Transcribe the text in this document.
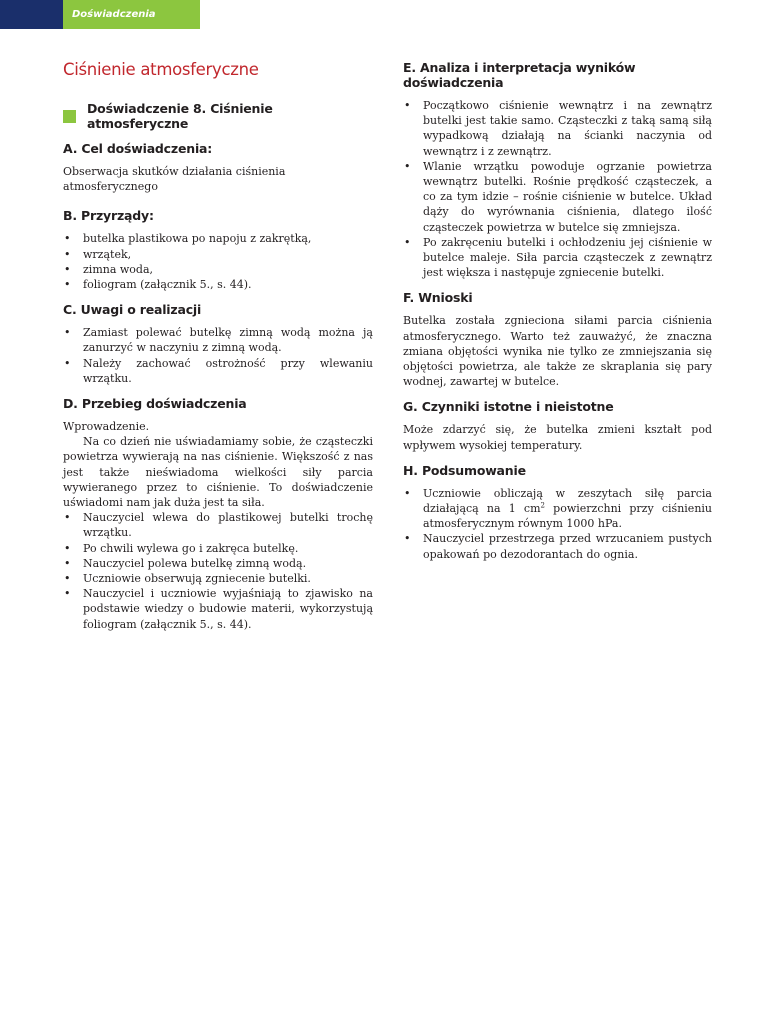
Doświadczenia
Ciśnienie atmosferyczne
Doświadczenie 8. Ciśnienie atmosferyczne
A. Cel doświadczenia:

Obserwacja skutków działania ciśnienia atmosferycznego

B. Przyrządy:
• butelka plastikowa po napoju z zakrętką,
• wrzątek,
• zimna woda,
• foliogram (załącznik 5., s. 44).
C. Uwagi o realizacji
• Zamiast polewać butelkę zimną wodą można ją zanurzyć w naczyniu z zimną wodą.
• Należy zachować ostrożność przy wlewaniu wrzątku.
D. Przebieg doświadczenia

Wprowadzenie.

Na co dzień nie uświadamiamy sobie, że cząsteczki powietrza wywierają na nas ciśnienie. Większość z nas jest także nieświadoma wielkości siły parcia wywieranego przez to ciśnienie. To doświadczenie uświadomi nam jak duża jest ta siła.

• Nauczyciel wlewa do plastikowej butelki trochę wrzątku.
• Po chwili wylewa go i zakręca butelkę.
• Nauczyciel polewa butelkę zimną wodą.
• Uczniowie obserwują zgniecenie butelki.
• Nauczyciel i uczniowie wyjaśniają to zjawisko na podstawie wiedzy o budowie materii, wykorzystują foliogram (załącznik 5., s. 44).
E. Analiza i interpretacja wyników doświadczenia
• Początkowo ciśnienie wewnątrz i na zewnątrz butelki jest takie samo. Cząsteczki z taką samą siłą wypadkową działają na ścianki naczynia od wewnątrz i z zewnątrz.
• Wlanie wrzątku powoduje ogrzanie powietrza wewnątrz butelki. Rośnie prędkość cząsteczek, a co za tym idzie – rośnie ciśnienie w butelce. Układ dąży do wyrównania ciśnienia, dlatego ilość cząsteczek powietrza w butelce się zmniejsza.
• Po zakręceniu butelki i ochłodzeniu jej ciśnienie w butelce maleje. Siła parcia cząsteczek z zewnątrz jest większa i następuje zgniecenie butelki.
F. Wnioski

Butelka została zgnieciona siłami parcia ciśnienia atmosferycznego. Warto też zauważyć, że znaczna zmiana objętości wynika nie tylko ze zmniejszania się objętości powietrza, ale także ze skraplania się pary wodnej, zawartej w butelce.

G. Czynniki istotne i nieistotne

Może zdarzyć się, że butelka zmieni kształt pod wpływem wysokiej temperatury.

H. Podsumowanie
• Uczniowie obliczają w zeszytach siłę parcia działającą na 1 $cm^2$ powierzchni przy ciśnieniu atmosferycznym równym 1000 hPa.
• Nauczyciel przestrzega przed wrzucaniem pustych opakowań po dezodorantach do ognia.
